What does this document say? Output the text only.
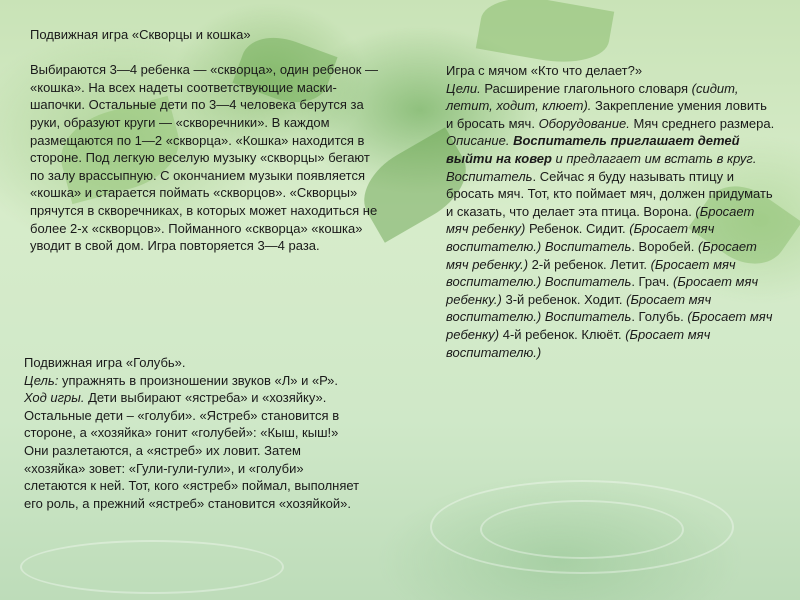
Подвижная игра «Скворцы и кошка»

Выбираются 3—4 ребенка — «скворца», один ребенок — «кошка». На всех надеты соответствующие маски-шапочки. Остальные дети по 3—4 человека берутся за руки, образуют круги — «скворечники». В каждом размещаются по 1—2 «скворца». «Кошка» находится в стороне. Под легкую веселую музыку «скворцы» бегают по залу врассыпную. С окончанием музыки появляется «кошка» и старается поймать «скворцов». «Скворцы» прячутся в скворечниках, в которых может находиться не более 2-х «скворцов». Пойманного «скворца» «кошка» уводит в свой дом. Игра повторяется 3—4 раза.

Игра с мячом «Кто что делает?»

Цели. Расширение глагольного словаря (сидит, летит, ходит, клюет). Закрепление умения ловить и бросать мяч. Оборудование. Мяч среднего размера. Описание. Воспитатель приглашает детей выйти на ковер и предлагает им встать в круг.

Воспитатель. Сейчас я буду называть птицу и бросать мяч. Тот, кто поймает мяч, должен придумать и сказать, что делает эта птица. Ворона. (Бросает мяч ребенку) Ребенок. Сидит. (Бросает мяч воспитателю.) Воспитатель. Воробей. (Бросает мяч ребенку.) 2-й ребенок. Летит. (Бросает мяч воспитателю.) Воспитатель. Грач. (Бросает мяч ребенку.) 3-й ребенок. Ходит. (Бросает мяч воспитателю.) Воспитатель. Голубь. (Бросает мяч ребенку) 4-й ребенок. Клюёт. (Бросает мяч воспитателю.)

Подвижная игра «Голубь».

Цель: упражнять в произношении звуков «Л» и «Р».

Ход игры. Дети выбирают «ястреба» и «хозяйку». Остальные дети – «голуби». «Ястреб» становится в стороне, а «хозяйка» гонит «голубей»: «Кыш, кыш!» Они разлетаются, а «ястреб» их ловит. Затем «хозяйка» зовет: «Гули-гули-гули», и «голуби» слетаются к ней. Тот, кого «ястреб» поймал, выполняет его роль, а прежний «ястреб» становится «хозяйкой».
